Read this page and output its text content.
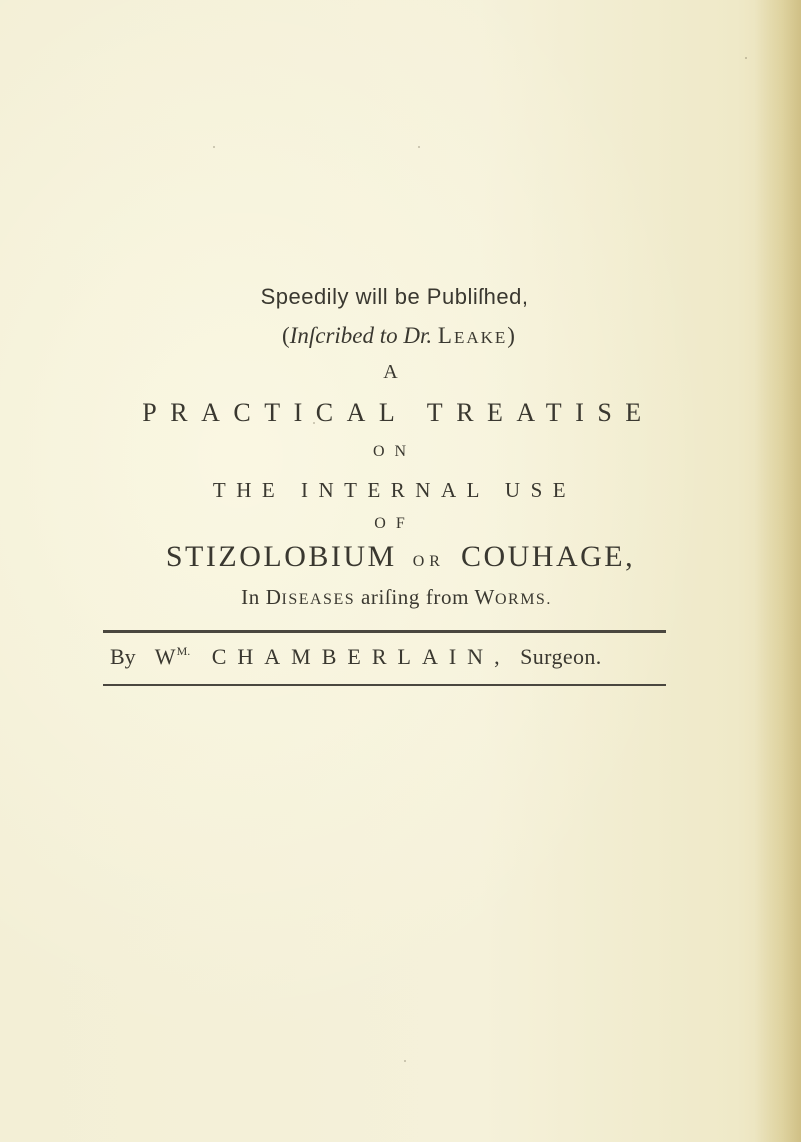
Speedily will be Publiſhed,
(Inſcribed to Dr. LEAKE)
A
PRACTICAL TREATISE
ON
THE INTERNAL USE
OF
STIZOLOBIUM OR COUHAGE,
In DISEASES ariſing from WORMS.
By $W^{M.}$ CHAMBERLAIN, Surgeon.
